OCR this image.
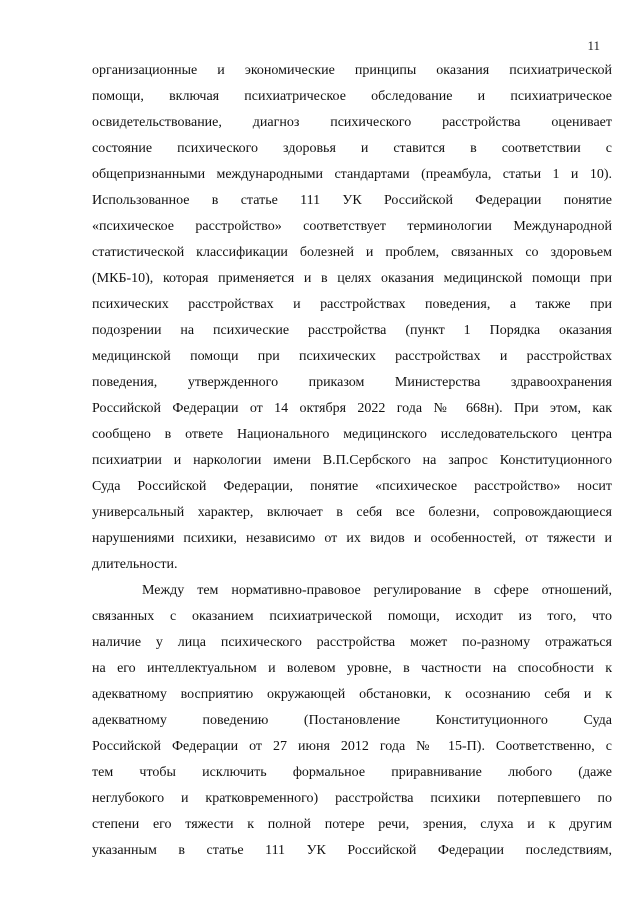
11
организационные и экономические принципы оказания психиатрической
помощи, включая психиатрическое обследование и психиатрическое
освидетельствование, диагноз психического расстройства оценивает
состояние психического здоровья и ставится в соответствии с
общепризнанными международными стандартами (преамбула, статьи 1 и 10).
Использованное в статье 111 УК Российской Федерации понятие
«психическое расстройство» соответствует терминологии Международной
статистической классификации болезней и проблем, связанных со здоровьем
(МКБ-10), которая применяется и в целях оказания медицинской помощи при
психических расстройствах и расстройствах поведения, а также при
подозрении на психические расстройства (пункт 1 Порядка оказания
медицинской помощи при психических расстройствах и расстройствах
поведения, утвержденного приказом Министерства здравоохранения
Российской Федерации от 14 октября 2022 года № 668н). При этом, как
сообщено в ответе Национального медицинского исследовательского центра
психиатрии и наркологии имени В.П.Сербского на запрос Конституционного
Суда Российской Федерации, понятие «психическое расстройство» носит
универсальный характер, включает в себя все болезни, сопровождающиеся
нарушениями психики, независимо от их видов и особенностей, от тяжести и
длительности.
Между тем нормативно-правовое регулирование в сфере отношений,
связанных с оказанием психиатрической помощи, исходит из того, что
наличие у лица психического расстройства может по-разному отражаться
на его интеллектуальном и волевом уровне, в частности на способности к
адекватному восприятию окружающей обстановки, к осознанию себя и к
адекватному поведению (Постановление Конституционного Суда
Российской Федерации от 27 июня 2012 года № 15-П). Соответственно, с
тем чтобы исключить формальное приравнивание любого (даже
неглубокого и кратковременного) расстройства психики потерпевшего по
степени его тяжести к полной потере речи, зрения, слуха и к другим
указанным в статье 111 УК Российской Федерации последствиям,
